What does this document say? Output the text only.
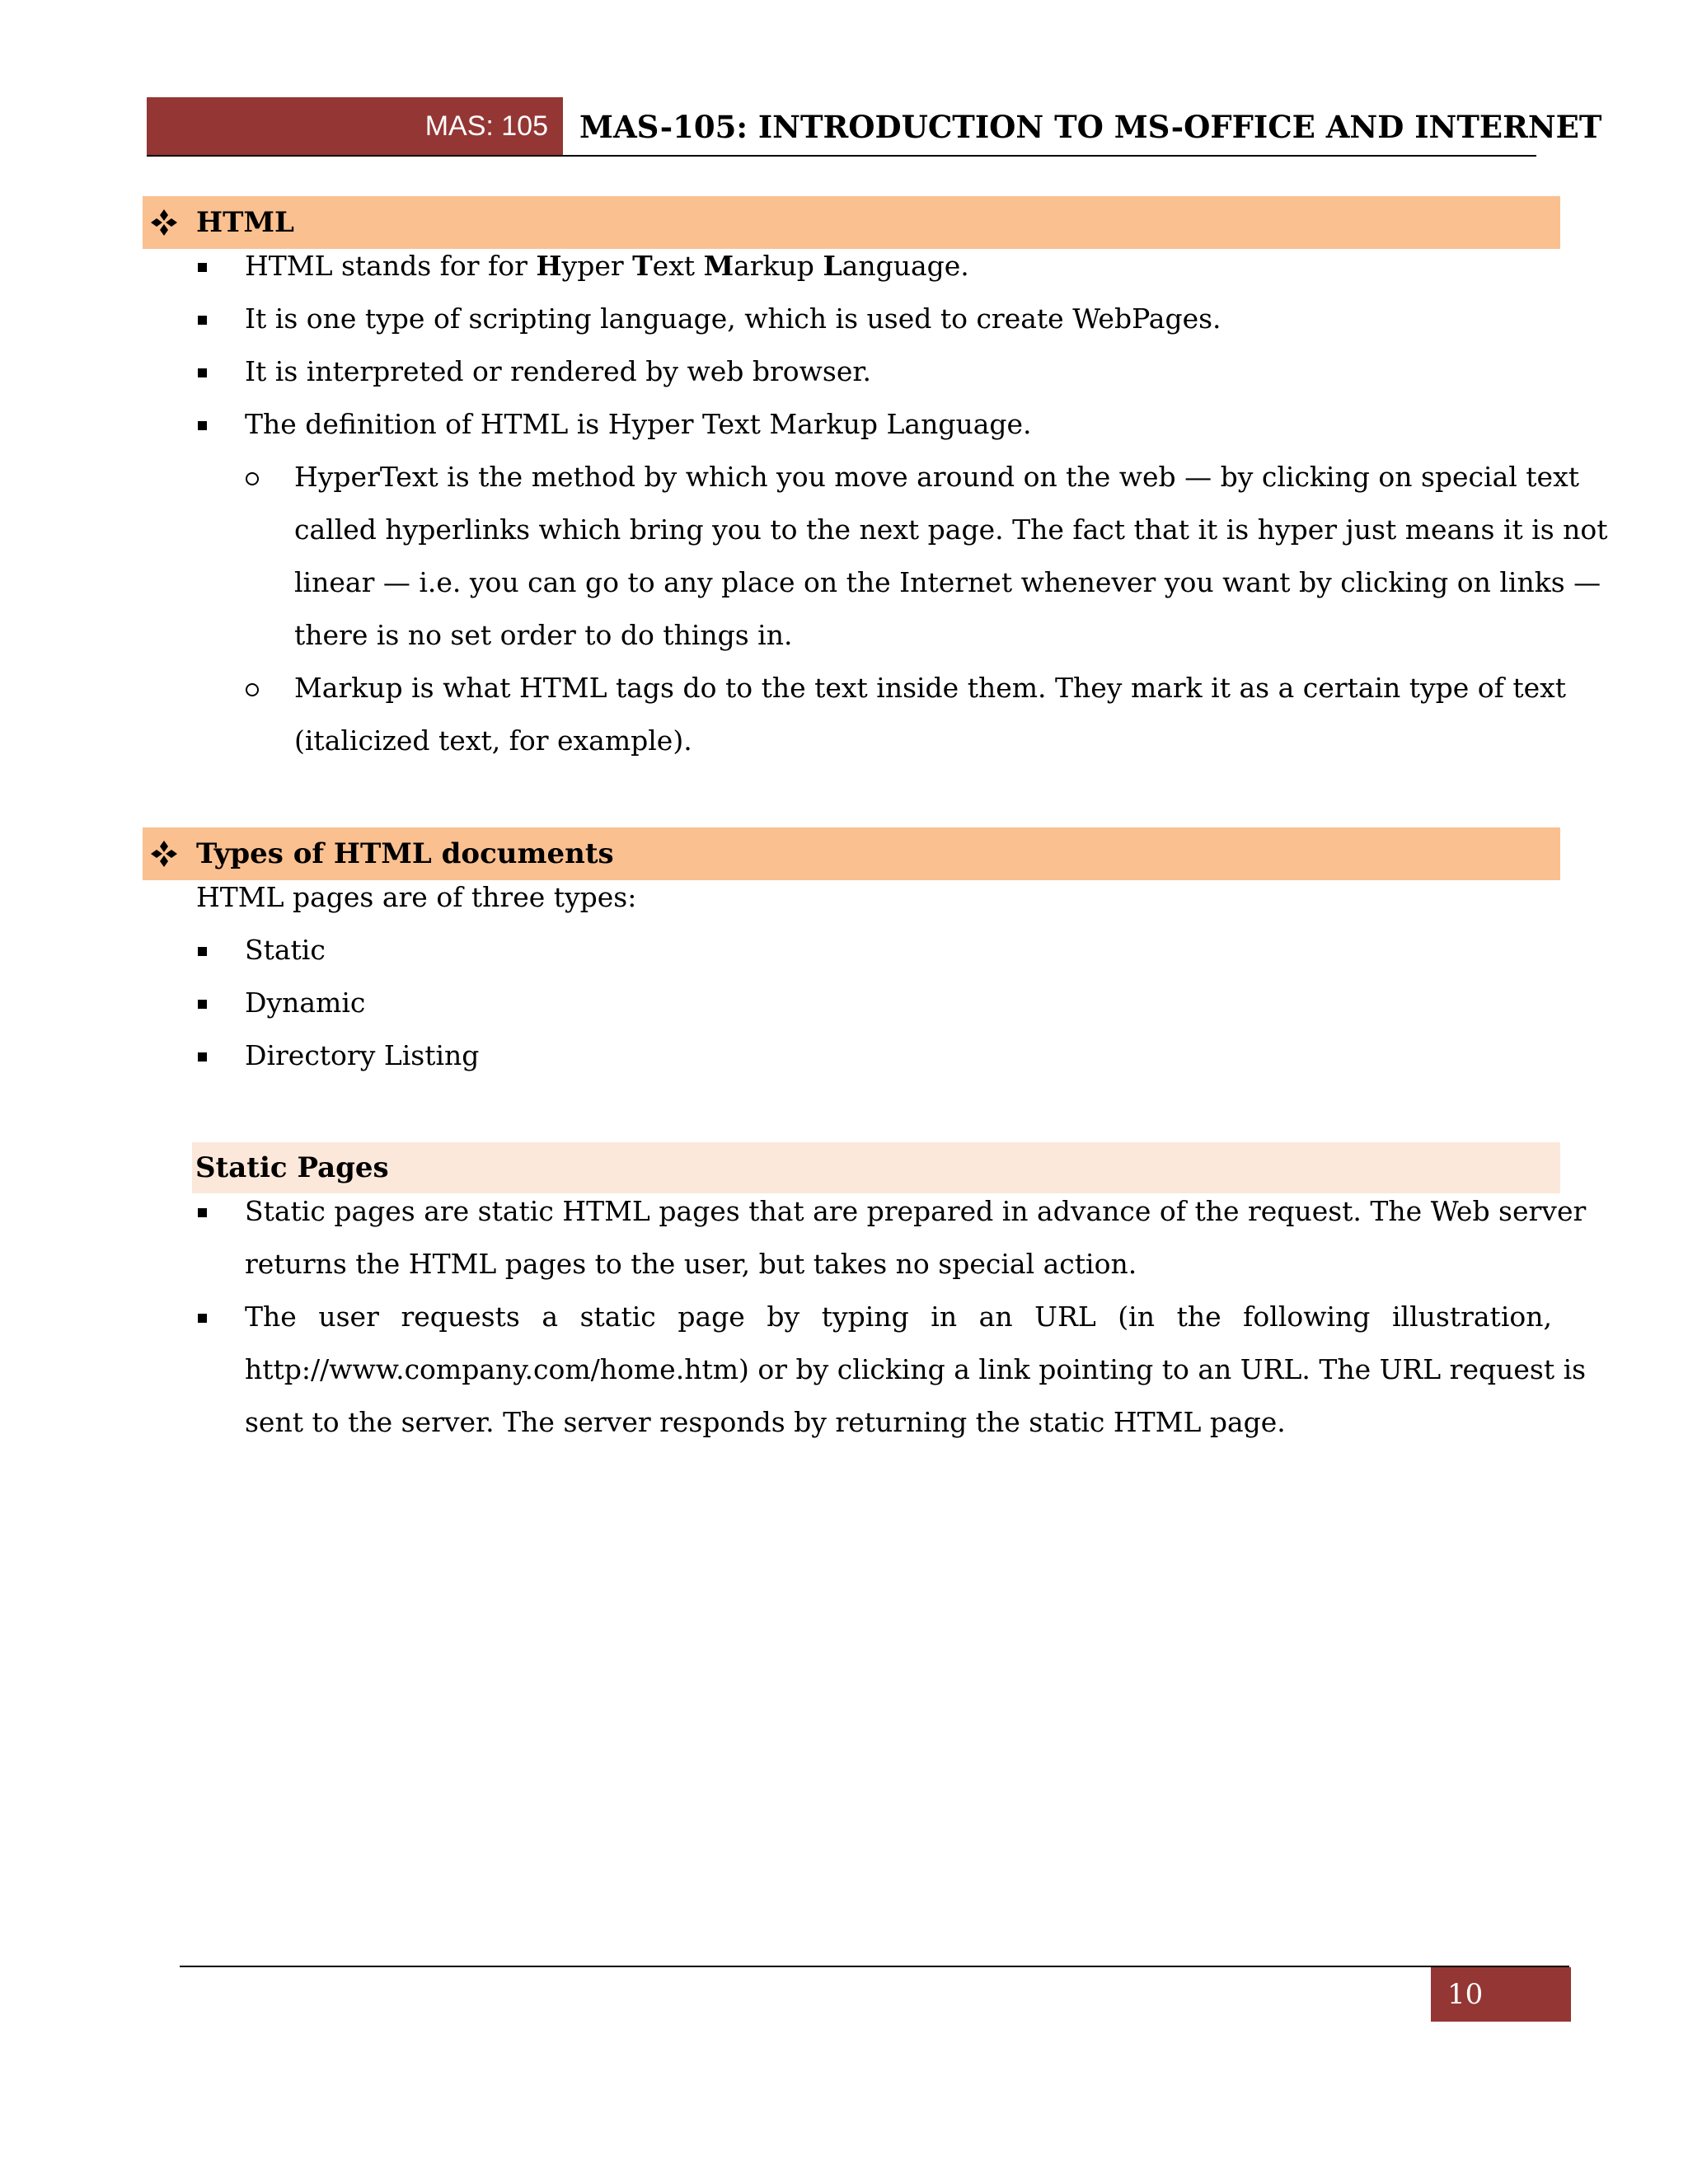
MAS: 105 MAS-105: INTRODUCTION TO MS-OFFICE AND INTERNET
HTML
HTML stands for for Hyper Text Markup Language.
It is one type of scripting language, which is used to create WebPages.
It is interpreted or rendered by web browser.
The definition of HTML is Hyper Text Markup Language.
HyperText is the method by which you move around on the web — by clicking on special text
called hyperlinks which bring you to the next page. The fact that it is hyper just means it is not
linear — i.e. you can go to any place on the Internet whenever you want by clicking on links —
there is no set order to do things in.
Markup is what HTML tags do to the text inside them. They mark it as a certain type of text
(italicized text, for example).
Types of HTML documents
HTML pages are of three types:
Static
Dynamic
Directory Listing
Static Pages
Static pages are static HTML pages that are prepared in advance of the request. The Web server
returns the HTML pages to the user, but takes no special action.
The user requests a static page by typing in an URL (in the following illustration,
http://www.company.com/home.htm) or by clicking a link pointing to an URL. The URL request is
sent to the server. The server responds by returning the static HTML page.
10
